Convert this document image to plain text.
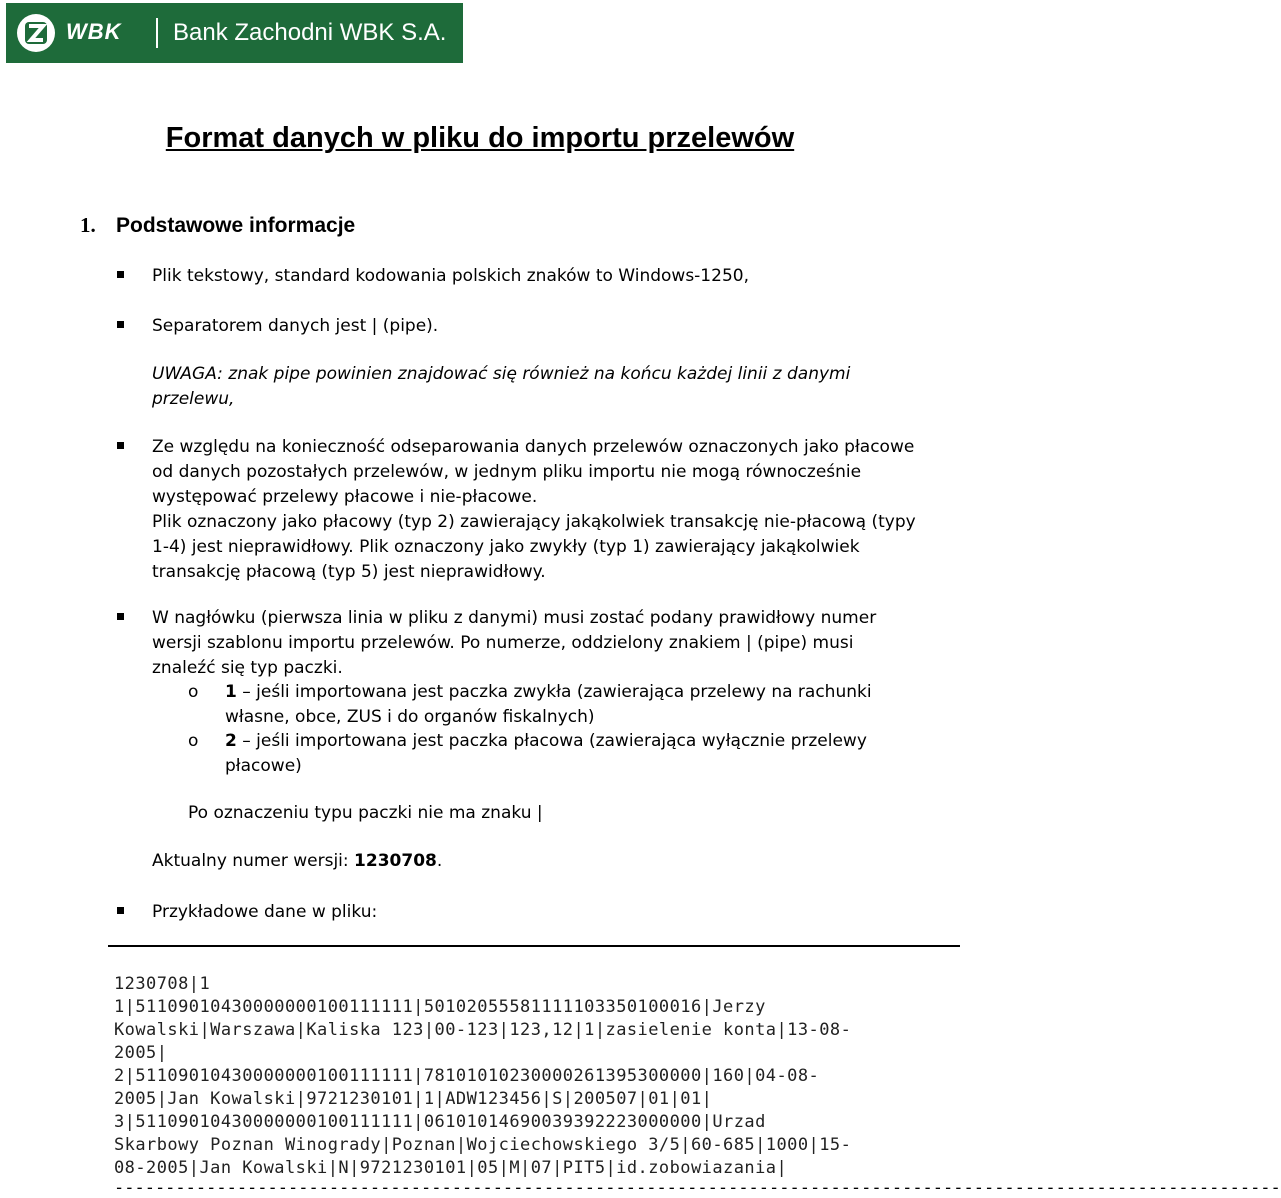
WBK Bank Zachodni WBK S.A.
Format danych w pliku do importu przelewów
1. Podstawowe informacje
Plik tekstowy, standard kodowania polskich znaków to Windows-1250,
Separatorem danych jest | (pipe).
UWAGA: znak pipe powinien znajdować się również na końcu każdej linii z danymi
przelewu,
Ze względu na konieczność odseparowania danych przelewów oznaczonych jako płacowe
od danych pozostałych przelewów, w jednym pliku importu nie mogą równocześnie
występować przelewy płacowe i nie-płacowe.
Plik oznaczony jako płacowy (typ 2) zawierający jakąkolwiek transakcję nie-płacową (typy
1-4) jest nieprawidłowy. Plik oznaczony jako zwykły (typ 1) zawierający jakąkolwiek
transakcję płacową (typ 5) jest nieprawidłowy.
W nagłówku (pierwsza linia w pliku z danymi) musi zostać podany prawidłowy numer
wersji szablonu importu przelewów. Po numerze, oddzielony znakiem | (pipe) musi
znaleźć się typ paczki.
o 1 – jeśli importowana jest paczka zwykła (zawierająca przelewy na rachunki
własne, obce, ZUS i do organów fiskalnych)
o 2 – jeśli importowana jest paczka płacowa (zawierająca wyłącznie przelewy
płacowe)
Po oznaczeniu typu paczki nie ma znaku |
Aktualny numer wersji: 1230708.
Przykładowe dane w pliku:
1230708|1
1|51109010430000000100111111|50102055581111103350100016|Jerzy
Kowalski|Warszawa|Kaliska 123|00-123|123,12|1|zasielenie konta|13-08-
2005|
2|51109010430000000100111111|78101010230000261395300000|160|04-08-
2005|Jan Kowalski|9721230101|1|ADW123456|S|200507|01|01|
3|51109010430000000100111111|06101014690039392223000000|Urzad
Skarbowy Poznan Winogrady|Poznan|Wojciechowskiego 3/5|60-685|1000|15-
08-2005|Jan Kowalski|N|9721230101|05|M|07|PIT5|id.zobowiazania|
------------------------------------------------------------------------------------------------------------------
